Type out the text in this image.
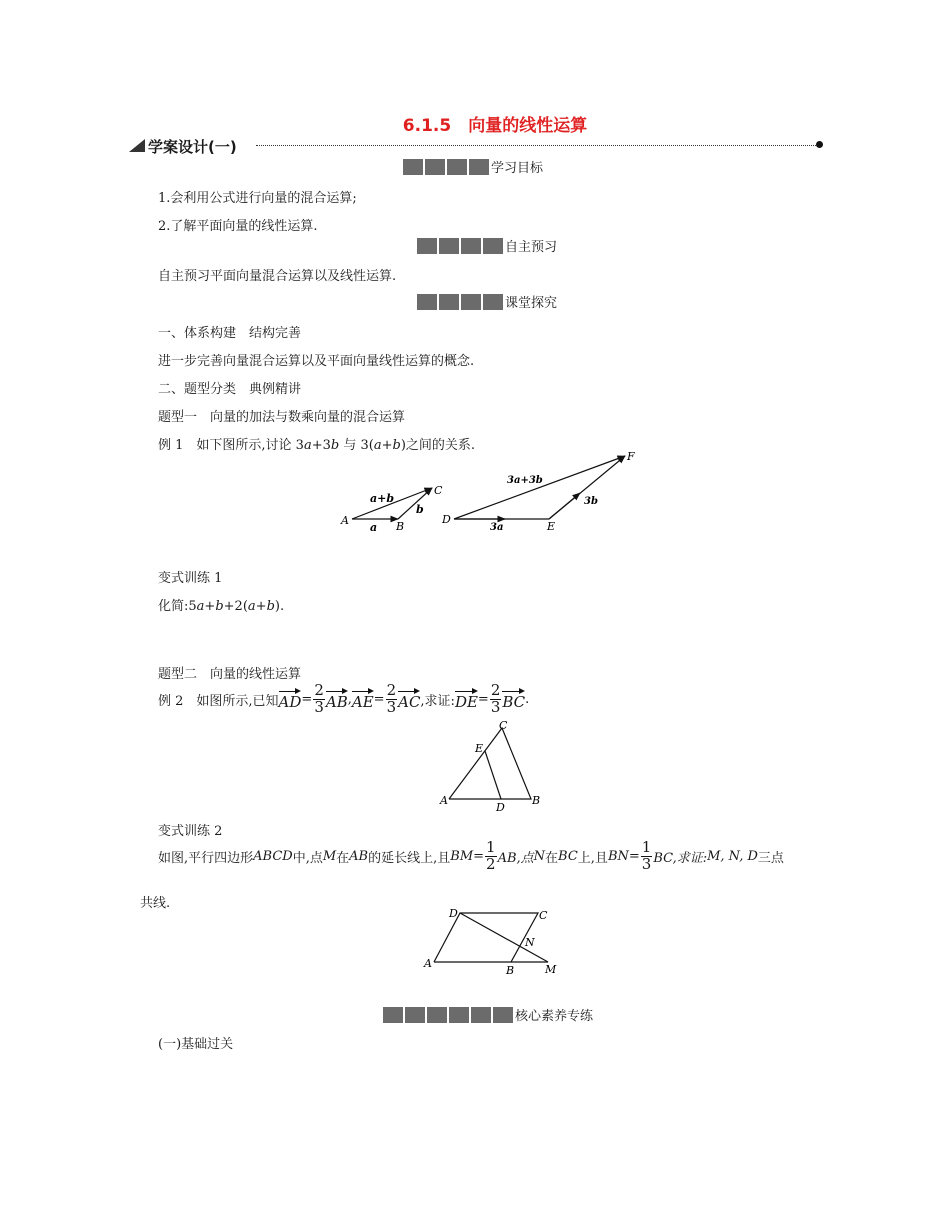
6.1.5　向量的线性运算
学案设计(一)
学习目标
1.会利用公式进行向量的混合运算;
2.了解平面向量的线性运算.
自主预习
自主预习平面向量混合运算以及线性运算.
课堂探究
一、体系构建　结构完善
进一步完善向量混合运算以及平面向量线性运算的概念.
二、题型分类　典例精讲
题型一　向量的加法与数乘向量的混合运算
例 1　如下图所示,讨论 3a+3b 与 3(a+b)之间的关系.
A	B
C
a+b
a
b
D
E
F
3a+3b
3a
3b
变式训练 1
化简:5a+b+2(a+b).
题型二　向量的线性运算
例 2　如图所示,已知 AD = $\frac{2}{3}$ AB , AE = $\frac{2}{3}$ AC ,求证: DE = $\frac{2}{3}$ BC .
A	B
C
D
E
变式训练 2
如图,平行四边形 ABCD 中,点 M 在 AB 的延长线上,且 $BM= \frac{1}{2}$ AB,点 N 在 BC 上,且 $BN= \frac{1}{3}$ BC,求证: M, N, D 三点
共线.
A
B
C
D
M
N
核心素养专练
(一)基础过关
